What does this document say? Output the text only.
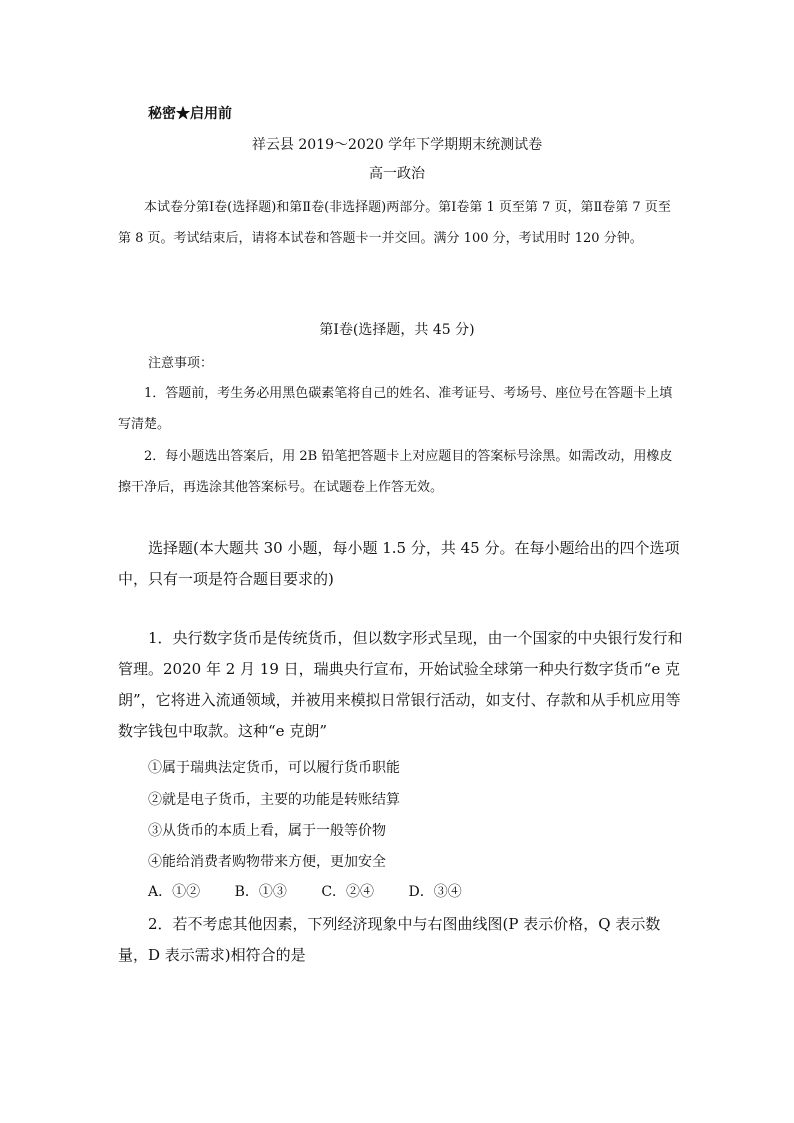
秘密★启用前
祥云县 2019～2020 学年下学期期末统测试卷
高一政治
本试卷分第Ⅰ卷(选择题)和第Ⅱ卷(非选择题)两部分。第Ⅰ卷第 1 页至第 7 页，第Ⅱ卷第 7 页至第 8 页。考试结束后，请将本试卷和答题卡一并交回。满分 100 分，考试用时 120 分钟。
第Ⅰ卷(选择题，共 45 分)
注意事项：
1．答题前，考生务必用黑色碳素笔将自己的姓名、准考证号、考场号、座位号在答题卡上填写清楚。
2．每小题选出答案后，用 2B 铅笔把答题卡上对应题目的答案标号涂黑。如需改动，用橡皮擦干净后，再选涂其他答案标号。在试题卷上作答无效。
选择题(本大题共 30 小题，每小题 1.5 分，共 45 分。在每小题给出的四个选项中，只有一项是符合题目要求的)
1．央行数字货币是传统货币，但以数字形式呈现，由一个国家的中央银行发行和管理。2020 年 2 月 19 日，瑞典央行宣布，开始试验全球第一种央行数字货币“e 克朗”，它将进入流通领域，并被用来模拟日常银行活动，如支付、存款和从手机应用等数字钱包中取款。这种“e 克朗”
①属于瑞典法定货币，可以履行货币职能
②就是电子货币，主要的功能是转账结算
③从货币的本质上看，属于一般等价物
④能给消费者购物带来方便，更加安全
A．①② B．①③ C．②④ D．③④
2．若不考虑其他因素，下列经济现象中与右图曲线图(P 表示价格，Q 表示数量，D 表示需求)相符合的是
